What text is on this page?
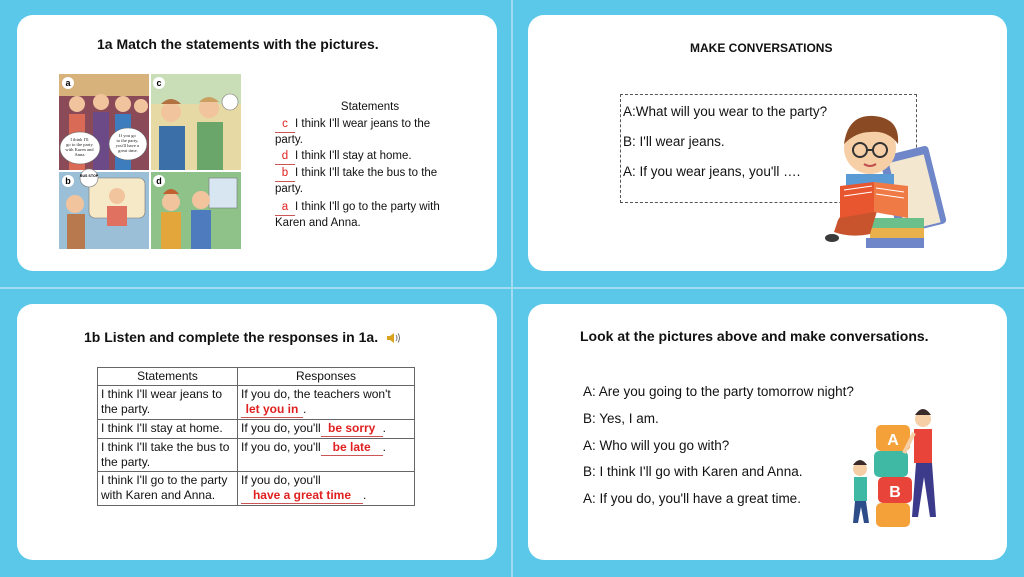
1a Match the statements with the pictures.
I think I'll go to the party with Karen and Anna.
If you go to the party, you'll have a great time.
a	c
BUS STOP
b	d
Statements
c I think I'll wear jeans to the party.
d I think I'll stay at home.
b I think I'll take the bus to the party.
a I think I'll go to the party with Karen and Anna.
MAKE CONVERSATIONS
A:What will you wear to the party?
B: I'll wear jeans.
A: If you wear jeans, you'll ….
1b Listen and complete the responses in 1a.
Statements	Responses
I think I'll wear jeans to the party.	If you do, the teachers won't
let you in .
I think I'll stay at home.	If you do, you'll be sorry .
I think I'll take the bus to the party.	If you do, you'll be late .
I think I'll go to the party with Karen and Anna.	If you do, you'll
have a great time .
Look at the pictures above and make conversations.
A: Are you going to the party tomorrow night?
B: Yes, I am.
A: Who will you go with?
B: I think I'll go with Karen and Anna.
A: If you do, you'll have a great time.
A
B
